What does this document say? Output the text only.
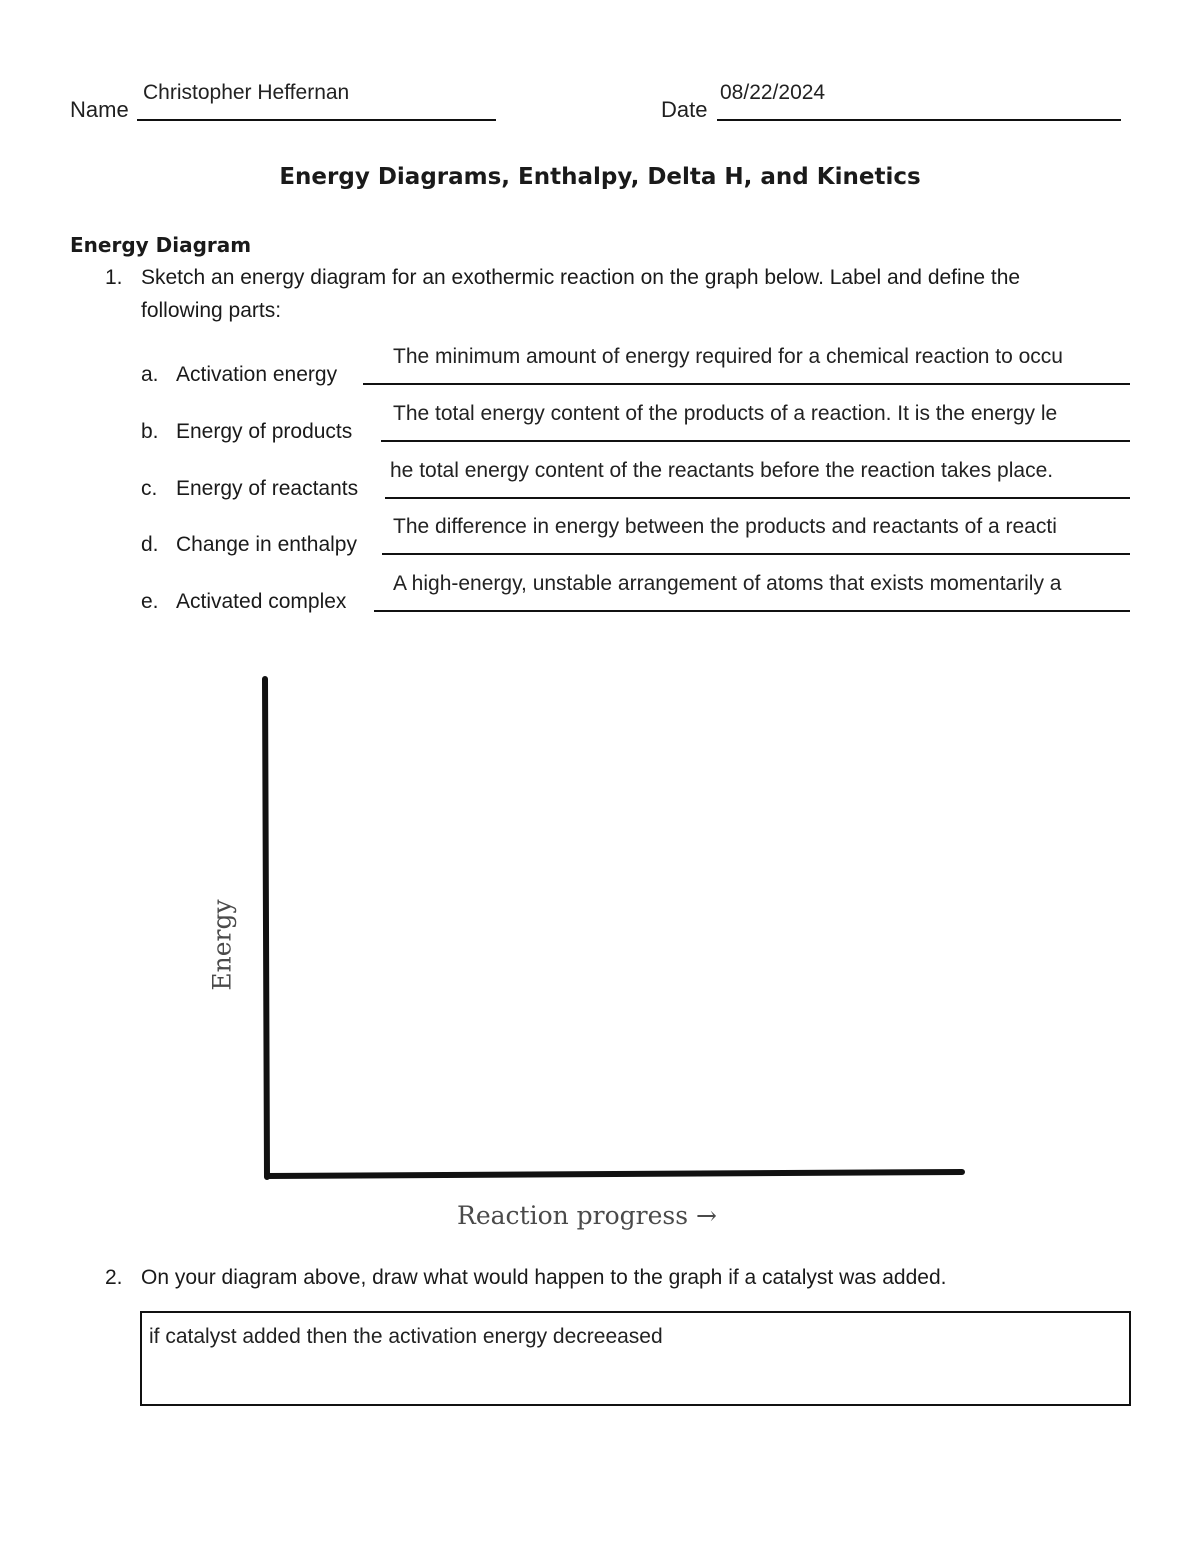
Name
Christopher Heffernan
Date
08/22/2024
Energy Diagrams, Enthalpy, Delta H, and Kinetics
Energy Diagram
1. Sketch an energy diagram for an exothermic reaction on the graph below. Label and define the
following parts:
a. Activation energy
The minimum amount of energy required for a chemical reaction to occu
b. Energy of products
The total energy content of the products of a reaction. It is the energy le
c. Energy of reactants
he total energy content of the reactants before the reaction takes place.
d. Change in enthalpy
The difference in energy between the products and reactants of a reacti
e. Activated complex
A high-energy, unstable arrangement of atoms that exists momentarily a
Energy
Reaction progress →
2. On your diagram above, draw what would happen to the graph if a catalyst was added.
if catalyst added then the activation energy decreeased
